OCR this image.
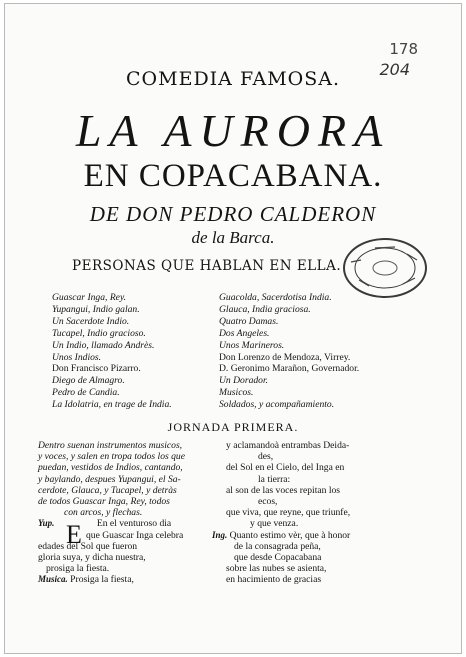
178
204
COMEDIA FAMOSA.
LA AURORA
EN COPACABANA.
DE DON PEDRO CALDERON
de la Barca.
PERSONAS QUE HABLAN EN ELLA.
Guascar Inga, Rey.
Yupangui, Indio galan.
Un Sacerdote Indio.
Tucapel, Indio gracioso.
Un Indio, llamado Andrès.
Unos Indios.
Don Francisco Pizarro.
Diego de Almagro.
Pedro de Candia.
La Idolatria, en trage de India.
Guacolda, Sacerdotisa India.
Glauca, India graciosa.
Quatro Damas.
Dos Angeles.
Unos Marineros.
Don Lorenzo de Mendoza, Virrey.
D. Geronimo Marañon, Governador.
Un Dorador.
Musicos.
Soldados, y acompañamiento.
JORNADA PRIMERA.
Dentro suenan instrumentos musicos,
y voces, y salen en tropa todos los que
puedan, vestidos de Indios, cantando,
y baylando, despues Yupangui, el Sa-
cerdote, Glauca, y Tucapel, y detràs
de todos Guascar Inga, Rey, todos
con arcos, y flechas.
Yup.	En el venturoso dia
que Guascar Inga celebra
edades del Sol que fueron
gloria suya, y dicha nuestra,
prosiga la fiesta.
Musica. Prosiga la fiesta,
E
y aclamandoà entrambas Deida-
des,
del Sol en el Cielo, del Inga en
la tierra:
al son de las voces repitan los
ecos,
que viva, que reyne, que triunfe,
y que venza.
Ing. Quanto estimo vèr, que à honor
de la consagrada peña,
que desde Copacabana
sobre las nubes se asienta,
en hacimiento de gracias
